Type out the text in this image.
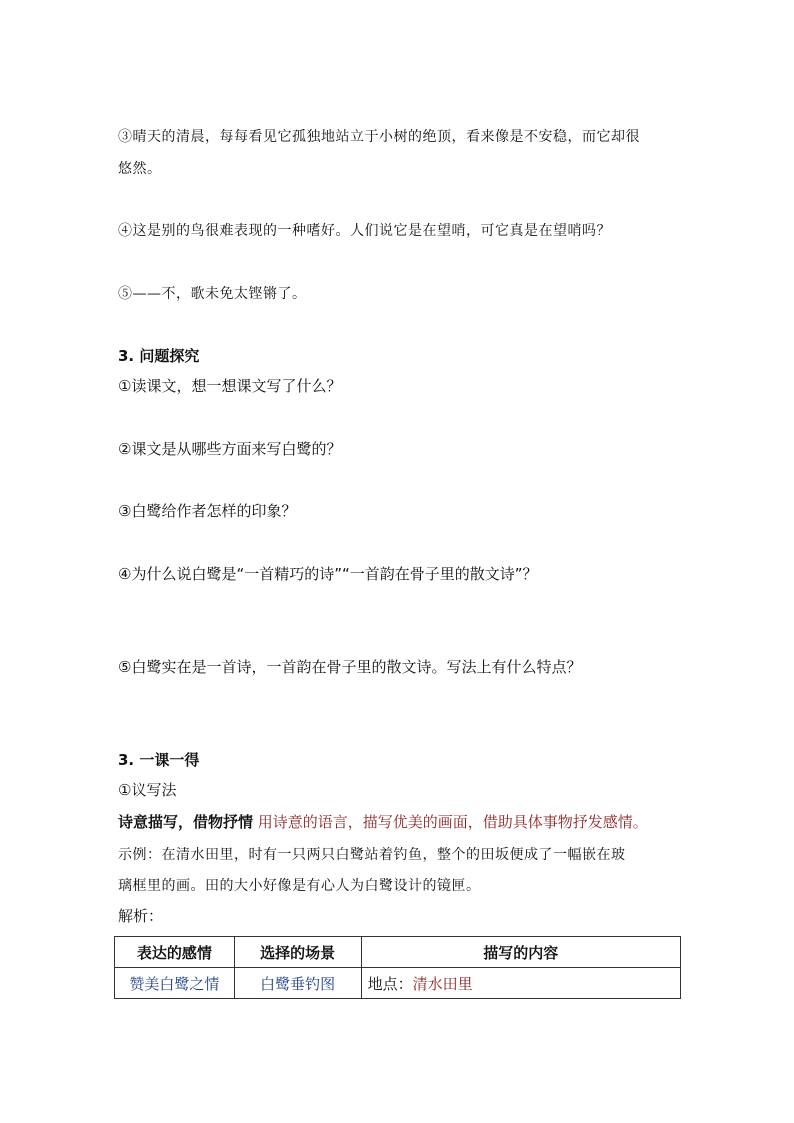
③晴天的清晨，每每看见它孤独地站立于小树的绝顶，看来像是不安稳，而它却很
悠然。
④这是别的鸟很难表现的一种嗜好。人们说它是在望哨，可它真是在望哨吗？
⑤——不，歌未免太铿锵了。
3. 问题探究
①读课文，想一想课文写了什么？
②课文是从哪些方面来写白鹭的？
③白鹭给作者怎样的印象？
④为什么说白鹭是“一首精巧的诗”“一首韵在骨子里的散文诗”？
⑤白鹭实在是一首诗，一首韵在骨子里的散文诗。写法上有什么特点？
3. 一课一得
①议写法
诗意描写，借物抒情 用诗意的语言，描写优美的画面，借助具体事物抒发感情。
示例：在清水田里，时有一只两只白鹭站着钓鱼，整个的田坂便成了一幅嵌在玻
璃框里的画。田的大小好像是有心人为白鹭设计的镜匣。
解析：
表达的感情	选择的场景	描写的内容
赞美白鹭之情	白鹭垂钓图	地点：清水田里
